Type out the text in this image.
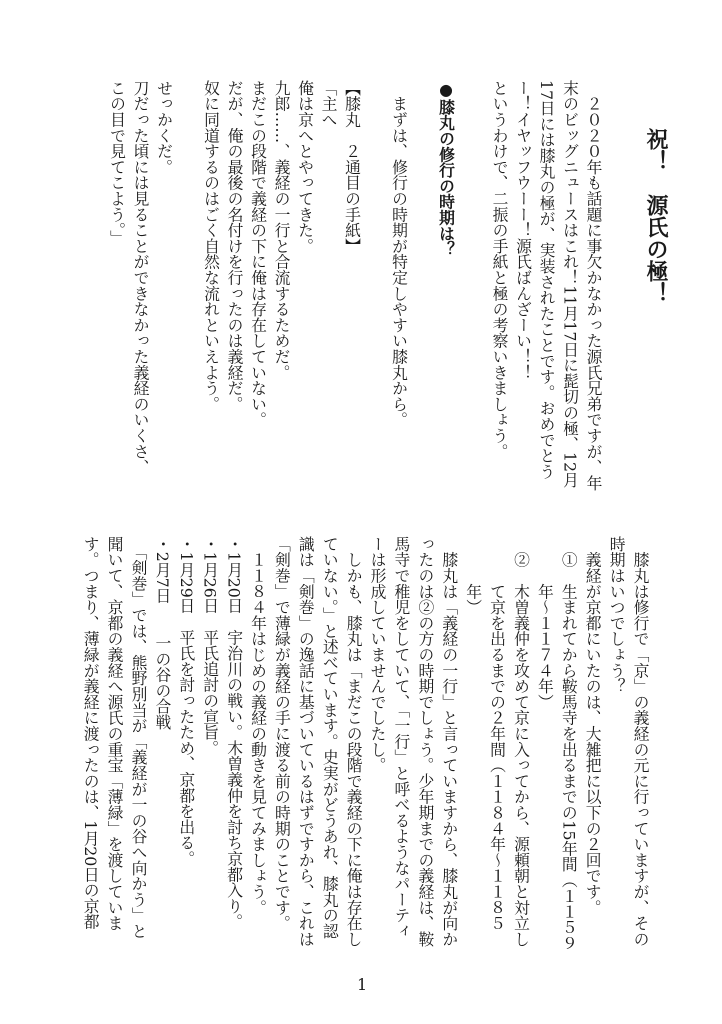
祝！　源氏の極！
　２０２０年も話題に事欠かなかった源氏兄弟ですが、年
末のビッグニュースはこれ！11月17日に髭切の極、12月
17日には膝丸の極が、実装されたことです。おめでとう
ー！イヤッフウーー！源氏ばんざーい！！
というわけで、二振の手紙と極の考察いきましょう。
●膝丸の修行の時期は？
　まずは、修行の時期が特定しやすい膝丸から。
【膝丸　２通目の手紙】
「主へ
俺は京へとやってきた。
九郎……、義経の一行と合流するためだ。
まだこの段階で義経の下に俺は存在していない。
だが、俺の最後の名付けを行ったのは義経だ。
奴に同道するのはごく自然な流れといえよう。
せっかくだ。
刀だった頃には見ることができなかった義経のいくさ、
この目で見てこよう。」
　膝丸は修行で「京」の義経の元に行っていますが、その
時期はいつでしょう？
　義経が京都にいたのは、大雑把に以下の２回です。
　①　生まれてから鞍馬寺を出るまでの15年間（１１５９
　　　年〜１１７４年）
　②　木曽義仲を攻めて京に入ってから、源頼朝と対立し
　　　て京を出るまでの２年間（１１８４年〜１１８５
　　　年）
　膝丸は「義経の一行」と言っていますから、膝丸が向か
ったのは②の方の時期でしょう。少年期までの義経は、鞍
馬寺で稚児をしていて、「一行」と呼べるようなパーティ
ーは形成していませんでしたし。
　しかも、膝丸は「まだこの段階で義経の下に俺は存在し
ていない。」と述べています。史実がどうあれ、膝丸の認
識は「剣巻」の逸話に基づいているはずですから、これは
「剣巻」で薄緑が義経の手に渡る前の時期のことです。
　１１８４年はじめの義経の動きを見てみましょう。
・1月20日　宇治川の戦い。木曽義仲を討ち京都入り。
・1月26日　平氏追討の宣旨。
・1月29日　平氏を討ったため、京都を出る。
・2月7日　　一の谷の合戦
　「剣巻」では、熊野別当が「義経が一の谷へ向かう」と
聞いて、京都の義経へ源氏の重宝「薄緑」を渡していま
す。つまり、薄緑が義経に渡ったのは、1月20日の京都
1
